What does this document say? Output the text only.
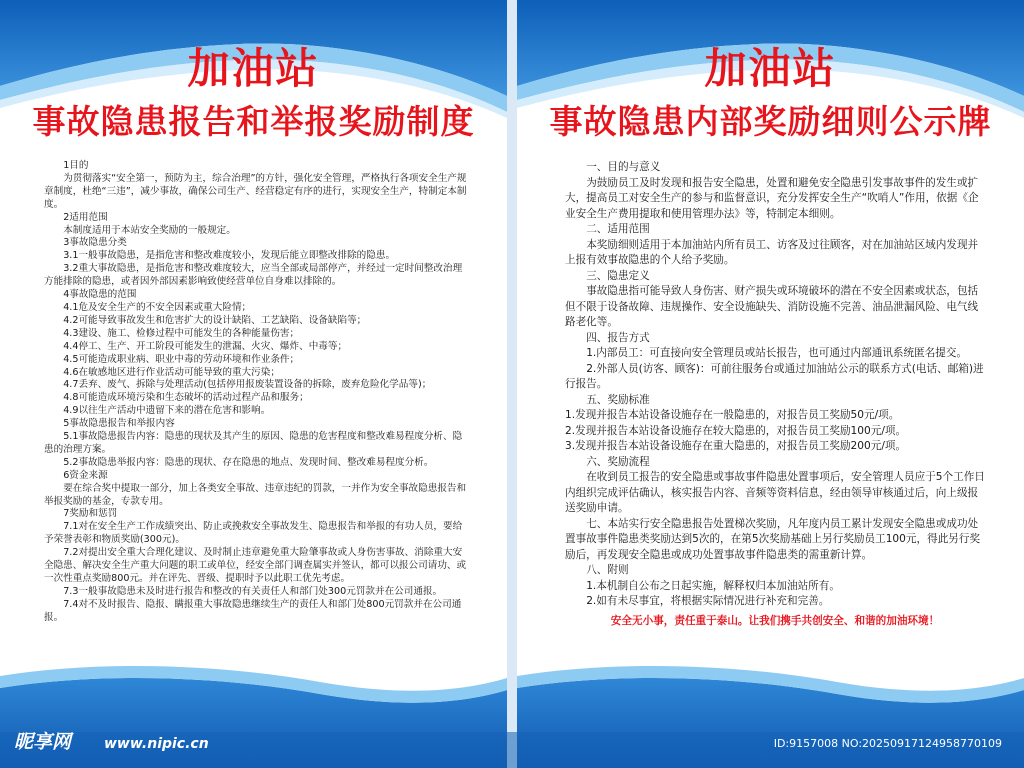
加油站
事故隐患报告和举报奖励制度

1目的

为贯彻落实“安全第一，预防为主，综合治理”的方针，强化安全管理，严格执行各项安全生产规章制度，杜绝“三违”，减少事故，确保公司生产、经营稳定有序的进行，实现安全生产，特制定本制度。

2适用范围

本制度适用于本站安全奖励的一般规定。

3事故隐患分类

3.1一般事故隐患，是指危害和整改难度较小，发现后能立即整改排除的隐患。

3.2重大事故隐患，是指危害和整改难度较大，应当全部或局部停产，并经过一定时间整改治理方能排除的隐患，或者因外部因素影响致使经营单位自身难以排除的。

4事故隐患的范围

4.1危及安全生产的不安全因素或重大险情；

4.2可能导致事故发生和危害扩大的设计缺陷、工艺缺陷、设备缺陷等；

4.3建设、施工、检修过程中可能发生的各种能量伤害；

4.4停工、生产、开工阶段可能发生的泄漏、火灾、爆炸、中毒等；

4.5可能造成职业病、职业中毒的劳动环境和作业条件；

4.6在敏感地区进行作业活动可能导致的重大污染；

4.7丢弃、废气、拆除与处理活动(包括停用报废装置设备的拆除，废弃危险化学品等)；

4.8可能造成环境污染和生态破坏的活动过程产品和服务；

4.9以往生产活动中遗留下来的潜在危害和影响。

5事故隐患报告和举报内容

5.1事故隐患报告内容：隐患的现状及其产生的原因、隐患的危害程度和整改难易程度分析、隐患的治理方案。

5.2事故隐患举报内容：隐患的现状、存在隐患的地点、发现时间、整改难易程度分析。

6资金来源

要在综合奖中提取一部分，加上各类安全事故、违章违纪的罚款，一并作为安全事故隐患报告和举报奖励的基金，专款专用。

7奖励和惩罚

7.1对在安全生产工作成绩突出、防止或挽救安全事故发生、隐患报告和举报的有功人员，要给予荣誉表彰和物质奖励(300元)。

7.2对提出安全重大合理化建议、及时制止违章避免重大险肇事故或人身伤害事故、消除重大安全隐患、解决安全生产重大问题的职工或单位，经安全部门调查属实并签认，都可以报公司请功、或一次性重点奖励800元。并在评先、晋级、提职时予以此职工优先考虑。

7.3一般事故隐患未及时进行报告和整改的有关责任人和部门处300元罚款并在公司通报。

7.4对不及时报告、隐报、瞒报重大事故隐患继续生产的责任人和部门处800元罚款并在公司通报。

加油站
事故隐患内部奖励细则公示牌

一、目的与意义

为鼓励员工及时发现和报告安全隐患，处置和避免安全隐患引发事故事件的发生或扩大，提高员工对安全生产的参与和监督意识，充分发挥安全生产“吹哨人”作用，依据《企业安全生产费用提取和使用管理办法》等，特制定本细则。

二、适用范围

本奖励细则适用于本加油站内所有员工、访客及过往顾客，对在加油站区域内发现并上报有效事故隐患的个人给予奖励。

三、隐患定义

事故隐患指可能导致人身伤害、财产损失或环境破坏的潜在不安全因素或状态，包括但不限于设备故障、违规操作、安全设施缺失、消防设施不完善、油品泄漏风险、电气线路老化等。

四、报告方式

1.内部员工：可直接向安全管理员或站长报告，也可通过内部通讯系统匿名提交。

2.外部人员(访客、顾客)：可前往服务台或通过加油站公示的联系方式(电话、邮箱)进行报告。

五、奖励标准

1.发现并报告本站设备设施存在一般隐患的，对报告员工奖励50元/项。

2.发现并报告本站设备设施存在较大隐患的，对报告员工奖励100元/项。

3.发现并报告本站设备设施存在重大隐患的，对报告员工奖励200元/项。

六、奖励流程

在收到员工报告的安全隐患或事故事件隐患处置事项后，安全管理人员应于5个工作日内组织完成评估确认，核实报告内容、音频等资料信息，经由领导审核通过后，向上级报送奖励申请。

七、本站实行安全隐患报告处置梯次奖励，凡年度内员工累计发现安全隐患或成功处置事故事件隐患类奖励达到5次的，在第5次奖励基础上另行奖励员工100元，得此另行奖励后，再发现安全隐患或成功处置事故事件隐患类的需重新计算。

八、附则

1.本机制自公布之日起实施，解释权归本加油站所有。

2.如有未尽事宜，将根据实际情况进行补充和完善。

安全无小事，责任重于泰山。让我们携手共创安全、和谐的加油环境！

昵享网 www.nipic.cn	ID:9157008 NO:20250917124958770109
